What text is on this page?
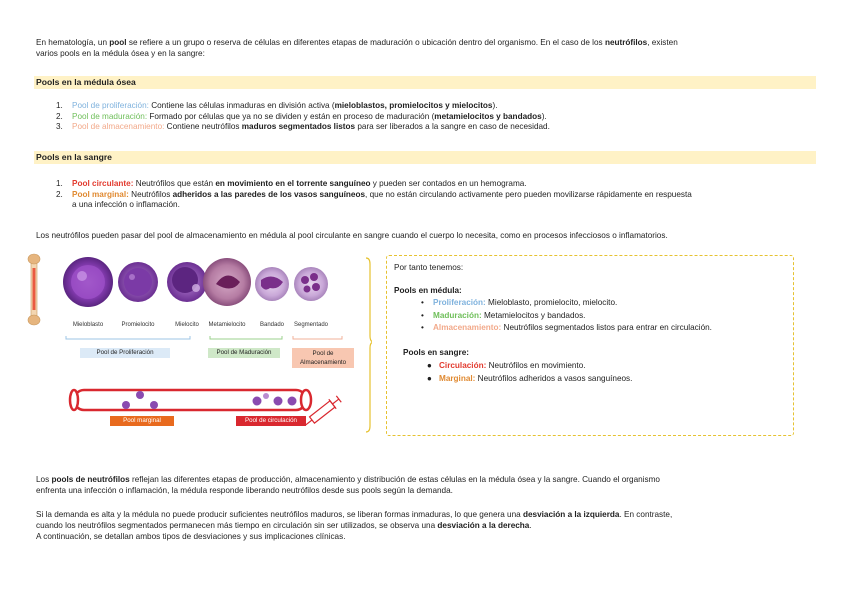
En hematología, un pool se refiere a un grupo o reserva de células en diferentes etapas de maduración o ubicación dentro del organismo. En el caso de los neutrófilos, existen
varios pools en la médula ósea y en la sangre:
Pools en la médula ósea
1. Pool de proliferación: Contiene las células inmaduras en división activa (mieloblastos, promielocitos y mielocitos).
2. Pool de maduración: Formado por células que ya no se dividen y están en proceso de maduración (metamielocitos y bandados).
3. Pool de almacenamiento: Contiene neutrófilos maduros segmentados listos para ser liberados a la sangre en caso de necesidad.
Pools en la sangre
1. Pool circulante: Neutrófilos que están en movimiento en el torrente sanguíneo y pueden ser contados en un hemograma.
2. Pool marginal: Neutrófilos adheridos a las paredes de los vasos sanguíneos, que no están circulando activamente pero pueden movilizarse rápidamente en respuesta
a una infección o inflamación.
Los neutrófilos pueden pasar del pool de almacenamiento en médula al pool circulante en sangre cuando el cuerpo lo necesita, como en procesos infecciosos o inflamatorios.
Mieloblasto	Promielocito	Mielocito	Metamielocito	Bandado	Segmentado
Pool de Proliferación	Pool de Maduración	Pool de Almacenamiento
Pool marginal	Pool de circulación
Por tanto tenemos:
Pools en médula:
• Proliferación: Mieloblasto, promielocito, mielocito.
• Maduración: Metamielocitos y bandados.
• Almacenamiento: Neutrófilos segmentados listos para entrar en circulación.
Pools en sangre:
● Circulación: Neutrófilos en movimiento.
● Marginal: Neutrófilos adheridos a vasos sanguíneos.
Los pools de neutrófilos reflejan las diferentes etapas de producción, almacenamiento y distribución de estas células en la médula ósea y la sangre. Cuando el organismo
enfrenta una infección o inflamación, la médula responde liberando neutrófilos desde sus pools según la demanda.
Si la demanda es alta y la médula no puede producir suficientes neutrófilos maduros, se liberan formas inmaduras, lo que genera una desviación a la izquierda. En contraste,
cuando los neutrófilos segmentados permanecen más tiempo en circulación sin ser utilizados, se observa una desviación a la derecha.
A continuación, se detallan ambos tipos de desviaciones y sus implicaciones clínicas.
